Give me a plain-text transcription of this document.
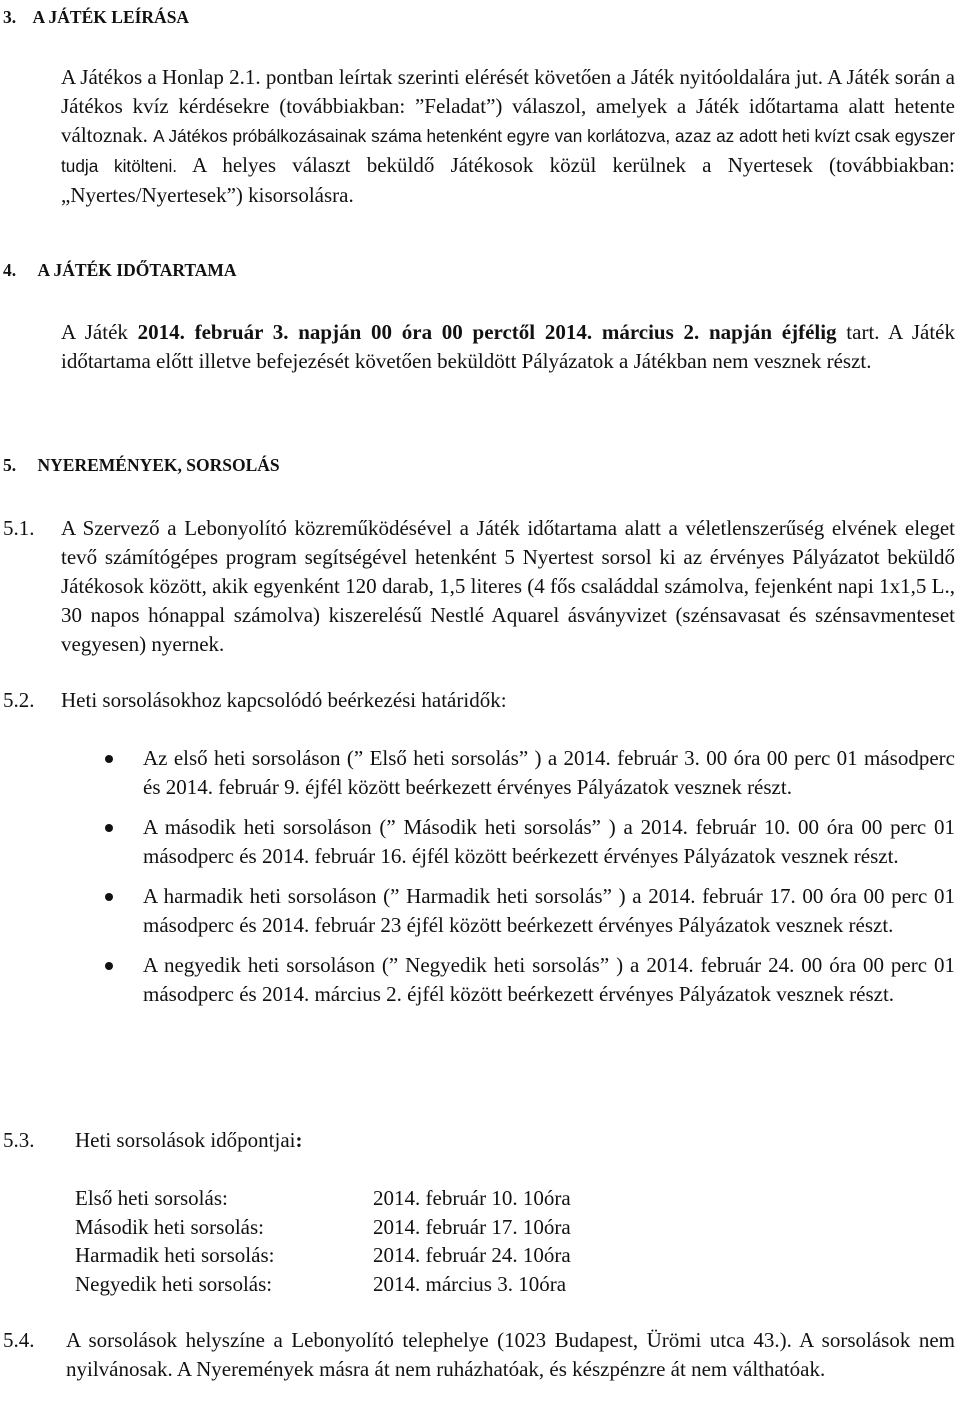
3. A JÁTÉK LEÍRÁSA
A Játékos a Honlap 2.1. pontban leírtak szerinti elérését követően a Játék nyitóoldalára jut. A Játék során a Játékos kvíz kérdésekre (továbbiakban: ”Feladat”) válaszol, amelyek a Játék időtartama alatt hetente változnak. A Játékos próbálkozásainak száma hetenként egyre van korlátozva, azaz az adott heti kvízt csak egyszer tudja kitölteni. A helyes választ beküldő Játékosok közül kerülnek a Nyertesek (továbbiakban: „Nyertes/Nyertesek”) kisorsolásra.
4. A JÁTÉK IDŐTARTAMA
A Játék 2014. február 3. napján 00 óra 00 perctől 2014. március 2. napján éjfélig tart. A Játék időtartama előtt illetve befejezését követően beküldött Pályázatok a Játékban nem vesznek részt.
5. NYEREMÉNYEK, SORSOLÁS
5.1. A Szervező a Lebonyolító közreműködésével a Játék időtartama alatt a véletlenszerűség elvének eleget tevő számítógépes program segítségével hetenként 5 Nyertest sorsol ki az érvényes Pályázatot beküldő Játékosok között, akik egyenként 120 darab, 1,5 literes (4 fős családdal számolva, fejenként napi 1x1,5 L., 30 napos hónappal számolva) kiszerelésű Nestlé Aquarel ásványvizet (szénsavasat és szénsavmenteset vegyesen) nyernek.
5.2. Heti sorsolásokhoz kapcsolódó beérkezési határidők:
Az első heti sorsoláson (” Első heti sorsolás” ) a 2014. február 3. 00 óra 00 perc 01 másodperc és 2014. február 9. éjfél között beérkezett érvényes Pályázatok vesznek részt.
A második heti sorsoláson (” Második heti sorsolás” ) a 2014. február 10. 00 óra 00 perc 01 másodperc és 2014. február 16. éjfél között beérkezett érvényes Pályázatok vesznek részt.
A harmadik heti sorsoláson (” Harmadik heti sorsolás” ) a 2014. február 17. 00 óra 00 perc 01 másodperc és 2014. február 23 éjfél között beérkezett érvényes Pályázatok vesznek részt.
A negyedik heti sorsoláson (” Negyedik heti sorsolás” ) a 2014. február 24. 00 óra 00 perc 01 másodperc és 2014. március 2. éjfél között beérkezett érvényes Pályázatok vesznek részt.
5.3. Heti sorsolások időpontjai:
Első heti sorsolás:	2014. február 10. 10óra
Második heti sorsolás:	2014. február 17. 10óra
Harmadik heti sorsolás:	2014. február 24. 10óra
Negyedik heti sorsolás:	2014. március 3. 10óra
5.4. A sorsolások helyszíne a Lebonyolító telephelye (1023 Budapest, Ürömi utca 43.). A sorsolások nem nyilvánosak. A Nyeremények másra át nem ruházhatóak, és készpénzre át nem válthatóak.
